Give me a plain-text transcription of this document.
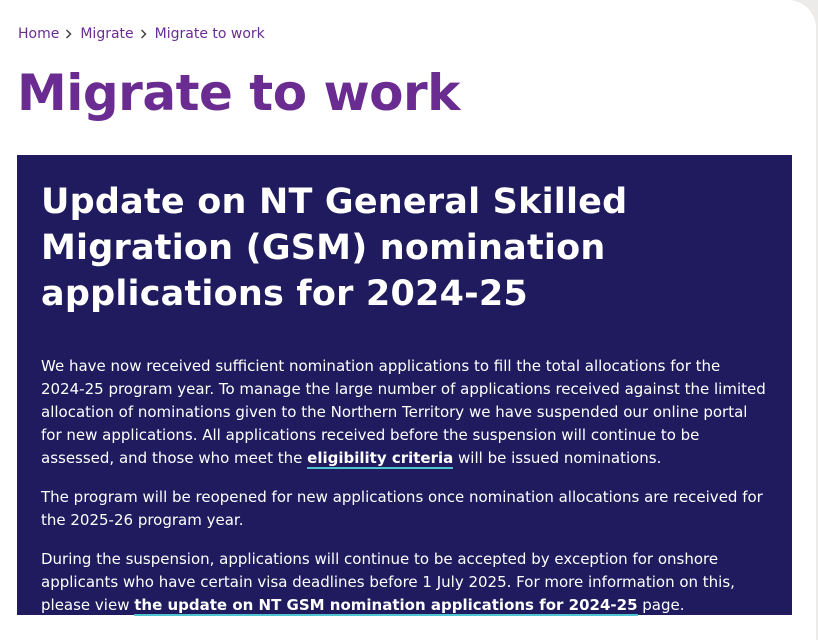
Home Migrate Migrate to work
Migrate to work
Update on NT General Skilled Migration (GSM) nomination applications for 2024-25

We have now received sufficient nomination applications to fill the total allocations for the 2024-25 program year. To manage the large number of applications received against the limited allocation of nominations given to the Northern Territory we have suspended our online portal for new applications. All applications received before the suspension will continue to be assessed, and those who meet the eligibility criteria will be issued nominations.

The program will be reopened for new applications once nomination allocations are received for the 2025-26 program year.

During the suspension, applications will continue to be accepted by exception for onshore applicants who have certain visa deadlines before 1 July 2025. For more information on this, please view the update on NT GSM nomination applications for 2024-25 page.
